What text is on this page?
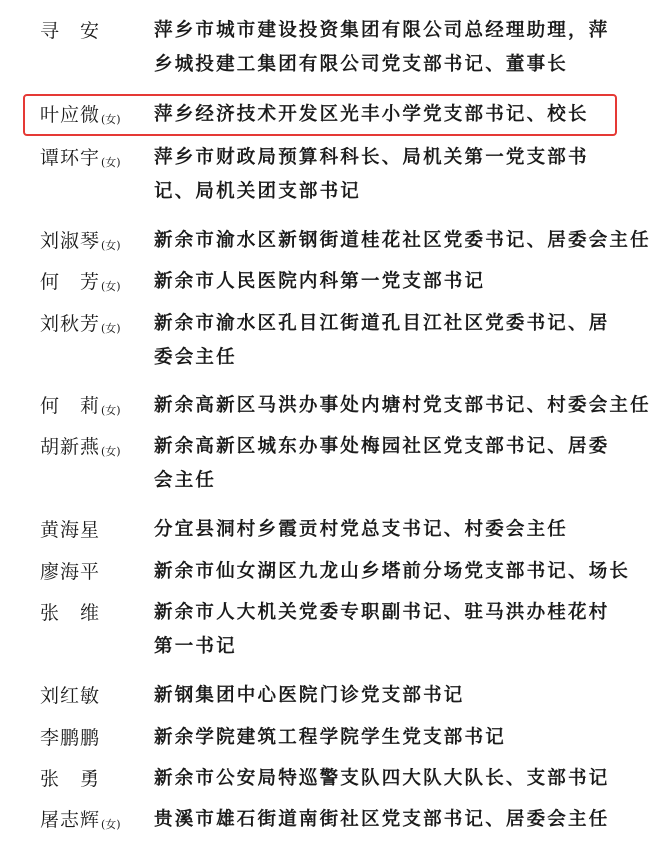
寻　安	萍乡市城市建设投资集团有限公司总经理助理，萍
乡城投建工集团有限公司党支部书记、董事长
叶应微(女) 萍乡经济技术开发区光丰小学党支部书记、校长
谭环宇(女) 萍乡市财政局预算科科长、局机关第一党支部书
记、局机关团支部书记
刘淑琴(女) 新余市渝水区新钢街道桂花社区党委书记、居委会主任
何　芳(女) 新余市人民医院内科第一党支部书记
刘秋芳(女) 新余市渝水区孔目江街道孔目江社区党委书记、居
委会主任
何　莉(女) 新余高新区马洪办事处内塘村党支部书记、村委会主任
胡新燕(女) 新余高新区城东办事处梅园社区党支部书记、居委
会主任
黄海星	分宜县洞村乡霞贡村党总支书记、村委会主任
廖海平	新余市仙女湖区九龙山乡塔前分场党支部书记、场长
张　维	新余市人大机关党委专职副书记、驻马洪办桂花村
第一书记
刘红敏	新钢集团中心医院门诊党支部书记
李鹏鹏	新余学院建筑工程学院学生党支部书记
张　勇	新余市公安局特巡警支队四大队大队长、支部书记
屠志辉(女) 贵溪市雄石街道南街社区党支部书记、居委会主任
